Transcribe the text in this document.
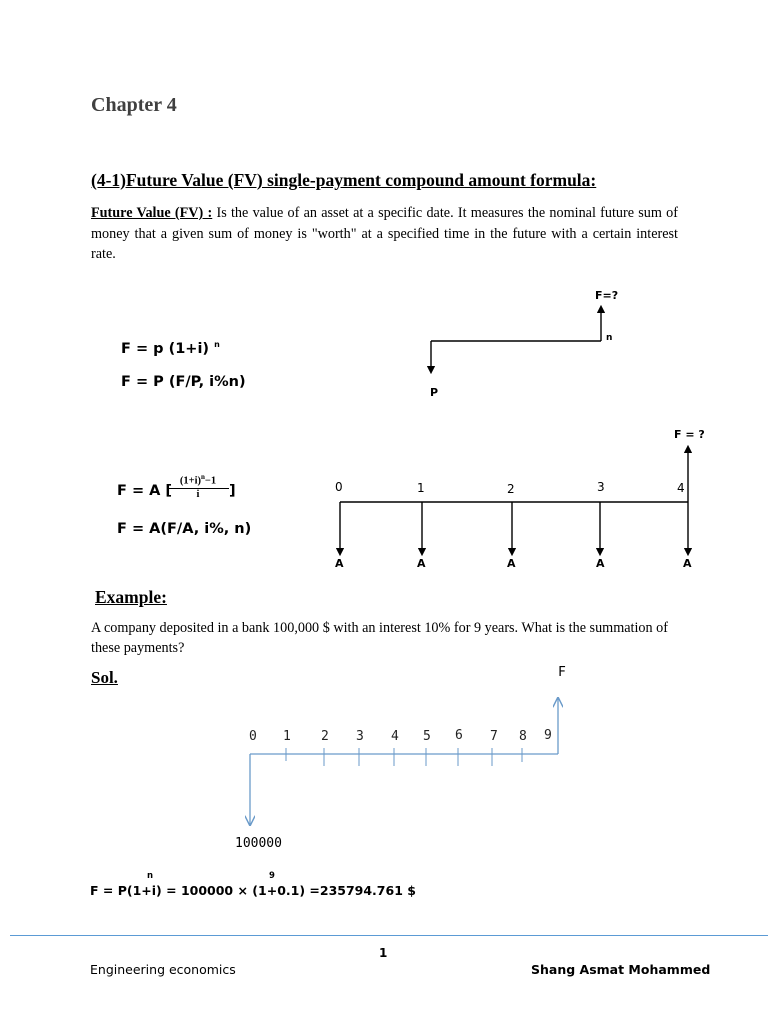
Chapter 4
(4-1)Future Value (FV) single-payment compound amount formula:
Future Value (FV) : Is the value of an asset at a specific date. It measures the nominal future sum of money that a given sum of money is "worth" at a specified time in the future with a certain interest rate.
F = p (1+i) $^n$
F = P (F/P, i%n)
F=?
n
P
F = A [
$\frac{(1+i)^n-1}{i}$ ]
F = A(F/A, i%, n)
F = ?
0	1	2	3	4
A	A	A	A	A
Example:
A company deposited in a bank 100,000 $ with an interest 10% for 9 years. What is the summation of these payments?
Sol.	F
0 1 2 3 4 5 6 7 8 9
100000
n	9
F = P(1+i) = 100000 × (1+0.1) =235794.761 $
1
Engineering economics	Shang Asmat Mohammed
